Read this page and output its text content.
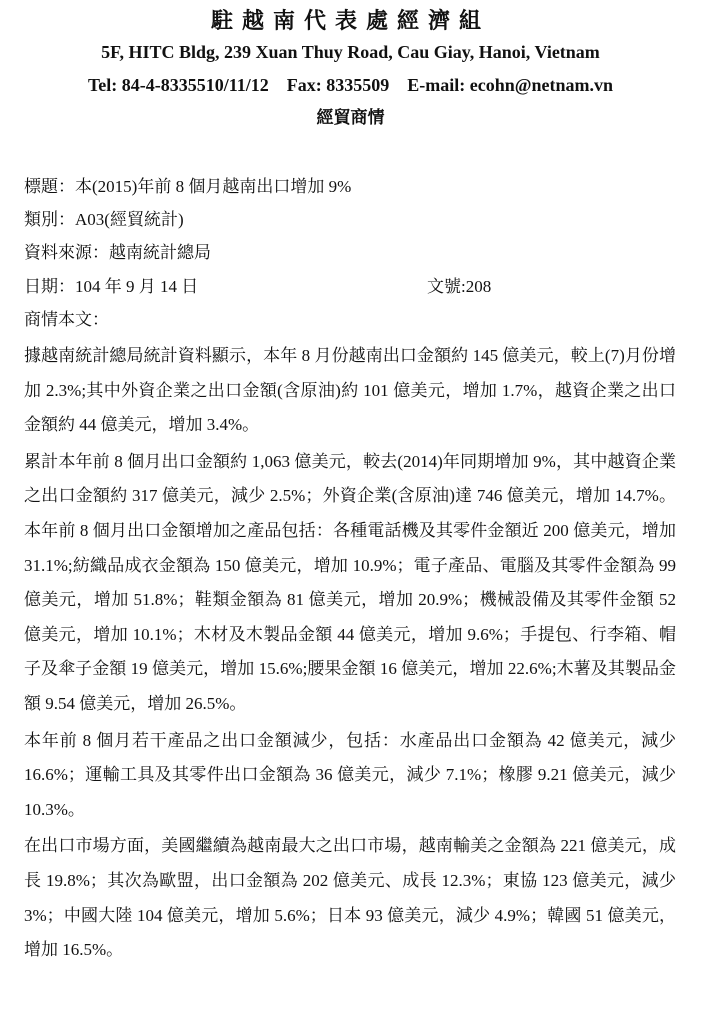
駐越南代表處經濟組
5F, HITC Bldg, 239 Xuan Thuy Road, Cau Giay, Hanoi, Vietnam
Tel: 84-4-8335510/11/12    Fax: 8335509    E-mail: ecohn@netnam.vn
經貿商情
標題：本(2015)年前 8 個月越南出口增加 9%
類別：A03(經貿統計)
資料來源：越南統計總局
日期：104 年 9 月 14 日	文號:208
商情本文：

據越南統計總局統計資料顯示，本年 8 月份越南出口金額約 145 億美元，較上(7)月份增加 2.3%;其中外資企業之出口金額(含原油)約 101 億美元，增加 1.7%，越資企業之出口金額約 44 億美元，增加 3.4%。

累計本年前 8 個月出口金額約 1,063 億美元，較去(2014)年同期增加 9%，其中越資企業之出口金額約 317 億美元，減少 2.5%；外資企業(含原油)達 746 億美元，增加 14.7%。本年前 8 個月出口金額增加之產品包括：各種電話機及其零件金額近 200 億美元，增加 31.1%;紡織品成衣金額為 150 億美元，增加 10.9%；電子產品、電腦及其零件金額為 99 億美元，增加 51.8%；鞋類金額為 81 億美元，增加 20.9%；機械設備及其零件金額 52 億美元，增加 10.1%；木材及木製品金額 44 億美元，增加 9.6%；手提包、行李箱、帽子及傘子金額 19 億美元，增加 15.6%;腰果金額 16 億美元，增加 22.6%;木薯及其製品金額 9.54 億美元，增加 26.5%。

本年前 8 個月若干產品之出口金額減少，包括：水產品出口金額為 42 億美元，減少 16.6%；運輸工具及其零件出口金額為 36 億美元，減少 7.1%；橡膠 9.21 億美元，減少 10.3%。

在出口市場方面，美國繼續為越南最大之出口市場，越南輸美之金額為 221 億美元，成長 19.8%；其次為歐盟，出口金額為 202 億美元、成長 12.3%；東協 123 億美元，減少 3%；中國大陸 104 億美元，增加 5.6%；日本 93 億美元，減少 4.9%；韓國 51 億美元，增加 16.5%。
